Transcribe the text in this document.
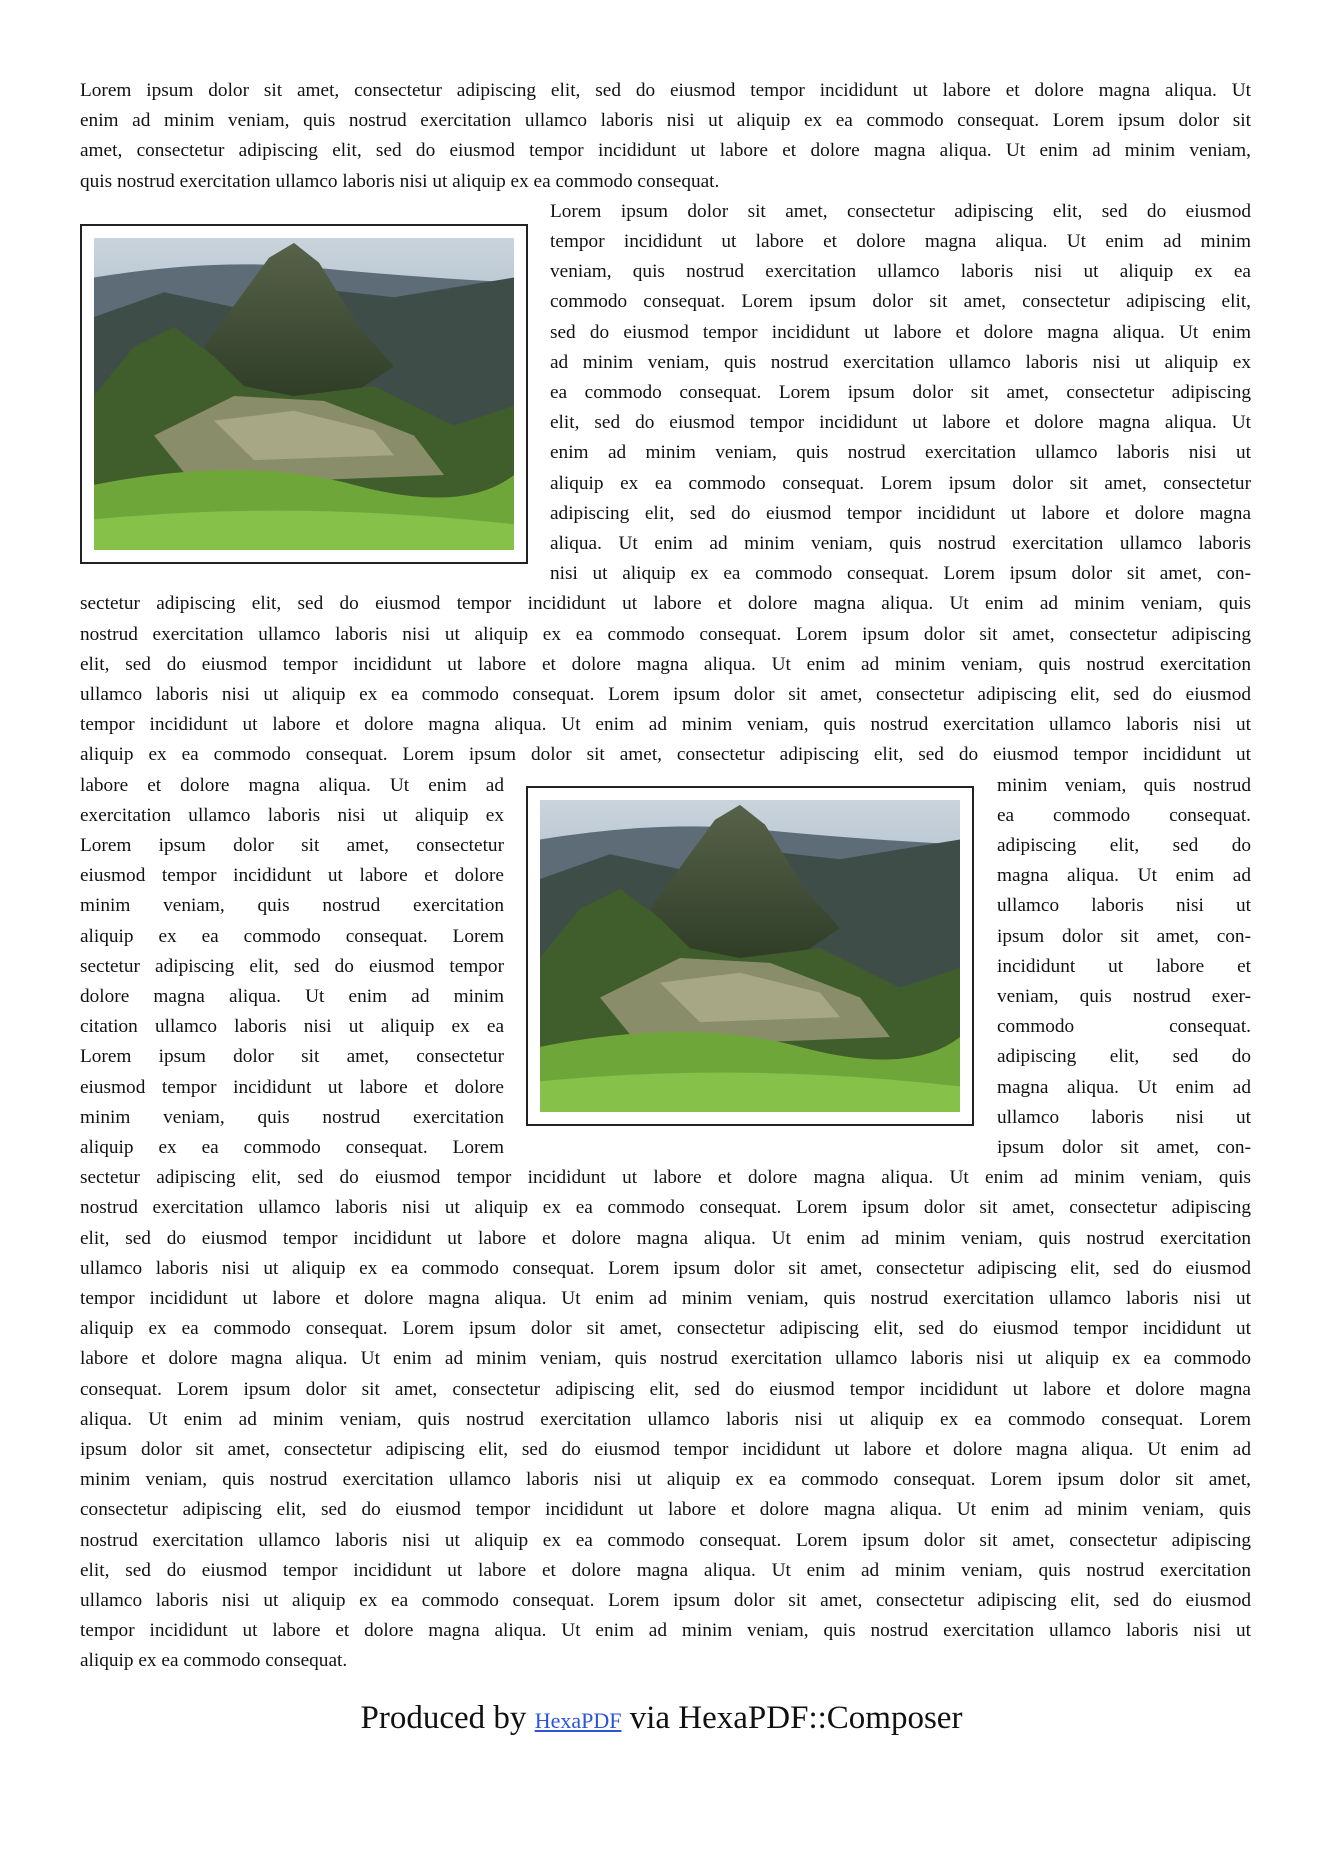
Lorem ipsum dolor sit amet, consectetur adipiscing elit, sed do eiusmod tempor incididunt ut labore et dolore magna aliqua. Ut
enim ad minim veniam, quis nostrud exercitation ullamco laboris nisi ut aliquip ex ea commodo consequat. Lorem ipsum dolor sit
amet, consectetur adipiscing elit, sed do eiusmod tempor incididunt ut labore et dolore magna aliqua. Ut enim ad minim veniam,
quis nostrud exercitation ullamco laboris nisi ut aliquip ex ea commodo consequat.
Lorem ipsum dolor sit amet, consectetur adipiscing elit, sed do eiusmod
tempor incididunt ut labore et dolore magna aliqua. Ut enim ad minim
veniam, quis nostrud exercitation ullamco laboris nisi ut aliquip ex ea
commodo consequat. Lorem ipsum dolor sit amet, consectetur adipiscing elit,
sed do eiusmod tempor incididunt ut labore et dolore magna aliqua. Ut enim
ad minim veniam, quis nostrud exercitation ullamco laboris nisi ut aliquip ex
ea commodo consequat. Lorem ipsum dolor sit amet, consectetur adipiscing
elit, sed do eiusmod tempor incididunt ut labore et dolore magna aliqua. Ut
enim ad minim veniam, quis nostrud exercitation ullamco laboris nisi ut
aliquip ex ea commodo consequat. Lorem ipsum dolor sit amet, consectetur
adipiscing elit, sed do eiusmod tempor incididunt ut labore et dolore magna
aliqua. Ut enim ad minim veniam, quis nostrud exercitation ullamco laboris
nisi ut aliquip ex ea commodo consequat. Lorem ipsum dolor sit amet, con-
sectetur adipiscing elit, sed do eiusmod tempor incididunt ut labore et dolore magna aliqua. Ut enim ad minim veniam, quis
nostrud exercitation ullamco laboris nisi ut aliquip ex ea commodo consequat. Lorem ipsum dolor sit amet, consectetur adipiscing
elit, sed do eiusmod tempor incididunt ut labore et dolore magna aliqua. Ut enim ad minim veniam, quis nostrud exercitation
ullamco laboris nisi ut aliquip ex ea commodo consequat. Lorem ipsum dolor sit amet, consectetur adipiscing elit, sed do eiusmod
tempor incididunt ut labore et dolore magna aliqua. Ut enim ad minim veniam, quis nostrud exercitation ullamco laboris nisi ut
aliquip ex ea commodo consequat. Lorem ipsum dolor sit amet, consectetur adipiscing elit, sed do eiusmod tempor incididunt ut
labore et dolore magna aliqua. Ut enim ad
exercitation ullamco laboris nisi ut aliquip ex
Lorem ipsum dolor sit amet, consectetur
eiusmod tempor incididunt ut labore et dolore
minim veniam, quis nostrud exercitation
aliquip ex ea commodo consequat. Lorem
sectetur adipiscing elit, sed do eiusmod tempor
dolore magna aliqua. Ut enim ad minim
citation ullamco laboris nisi ut aliquip ex ea
Lorem ipsum dolor sit amet, consectetur
eiusmod tempor incididunt ut labore et dolore
minim veniam, quis nostrud exercitation
aliquip ex ea commodo consequat. Lorem
minim veniam, quis nostrud
ea commodo consequat.
adipiscing elit, sed do
magna aliqua. Ut enim ad
ullamco laboris nisi ut
ipsum dolor sit amet, con-
incididunt ut labore et
veniam, quis nostrud exer-
commodo consequat.
adipiscing elit, sed do
magna aliqua. Ut enim ad
ullamco laboris nisi ut
ipsum dolor sit amet, con-
sectetur adipiscing elit, sed do eiusmod tempor incididunt ut labore et dolore magna aliqua. Ut enim ad minim veniam, quis
nostrud exercitation ullamco laboris nisi ut aliquip ex ea commodo consequat. Lorem ipsum dolor sit amet, consectetur adipiscing
elit, sed do eiusmod tempor incididunt ut labore et dolore magna aliqua. Ut enim ad minim veniam, quis nostrud exercitation
ullamco laboris nisi ut aliquip ex ea commodo consequat. Lorem ipsum dolor sit amet, consectetur adipiscing elit, sed do eiusmod
tempor incididunt ut labore et dolore magna aliqua. Ut enim ad minim veniam, quis nostrud exercitation ullamco laboris nisi ut
aliquip ex ea commodo consequat. Lorem ipsum dolor sit amet, consectetur adipiscing elit, sed do eiusmod tempor incididunt ut
labore et dolore magna aliqua. Ut enim ad minim veniam, quis nostrud exercitation ullamco laboris nisi ut aliquip ex ea commodo
consequat. Lorem ipsum dolor sit amet, consectetur adipiscing elit, sed do eiusmod tempor incididunt ut labore et dolore magna
aliqua. Ut enim ad minim veniam, quis nostrud exercitation ullamco laboris nisi ut aliquip ex ea commodo consequat. Lorem
ipsum dolor sit amet, consectetur adipiscing elit, sed do eiusmod tempor incididunt ut labore et dolore magna aliqua. Ut enim ad
minim veniam, quis nostrud exercitation ullamco laboris nisi ut aliquip ex ea commodo consequat. Lorem ipsum dolor sit amet,
consectetur adipiscing elit, sed do eiusmod tempor incididunt ut labore et dolore magna aliqua. Ut enim ad minim veniam, quis
nostrud exercitation ullamco laboris nisi ut aliquip ex ea commodo consequat. Lorem ipsum dolor sit amet, consectetur adipiscing
elit, sed do eiusmod tempor incididunt ut labore et dolore magna aliqua. Ut enim ad minim veniam, quis nostrud exercitation
ullamco laboris nisi ut aliquip ex ea commodo consequat. Lorem ipsum dolor sit amet, consectetur adipiscing elit, sed do eiusmod
tempor incididunt ut labore et dolore magna aliqua. Ut enim ad minim veniam, quis nostrud exercitation ullamco laboris nisi ut
aliquip ex ea commodo consequat.
Produced by HexaPDF via HexaPDF::Composer
